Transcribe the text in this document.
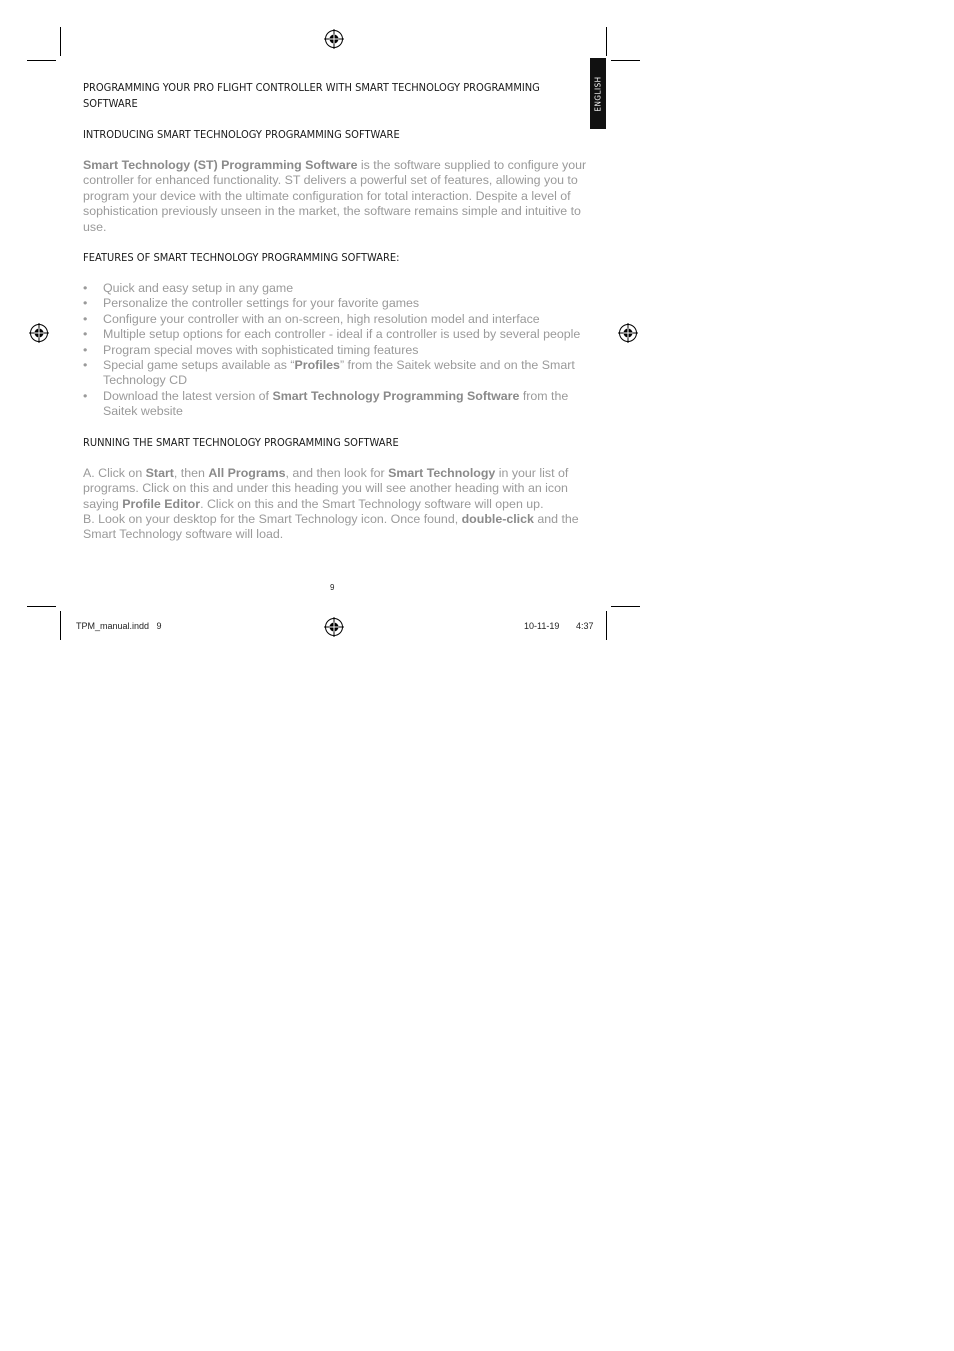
ENGLISH
PROGRAMMING YOUR PRO FLIGHT CONTROLLER WITH SMART TECHNOLOGY PROGRAMMING SOFTWARE
INTRODUCING SMART TECHNOLOGY PROGRAMMING SOFTWARE

Smart Technology (ST) Programming Software is the software supplied to configure your controller for enhanced functionality. ST delivers a powerful set of features, allowing you to program your device with the ultimate configuration for total interaction. Despite a level of sophistication previously unseen in the market, the software remains simple and intuitive to use.

FEATURES OF SMART TECHNOLOGY PROGRAMMING SOFTWARE:
• Quick and easy setup in any game
• Personalize the controller settings for your favorite games
• Configure your controller with an on-screen, high resolution model and interface
• Multiple setup options for each controller - ideal if a controller is used by several people
• Program special moves with sophisticated timing features
• Special game setups available as “Profiles” from the Saitek website and on the Smart Technology CD
• Download the latest version of Smart Technology Programming Software from the Saitek website
RUNNING THE SMART TECHNOLOGY PROGRAMMING SOFTWARE

A. Click on Start, then All Programs, and then look for Smart Technology in your list of programs. Click on this and under this heading you will see another heading with an icon saying Profile Editor. Click on this and the Smart Technology software will open up.

B. Look on your desktop for the Smart Technology icon. Once found, double-click and the Smart Technology software will load.

9
TPM_manual.indd   9	10-11-19 4:37
